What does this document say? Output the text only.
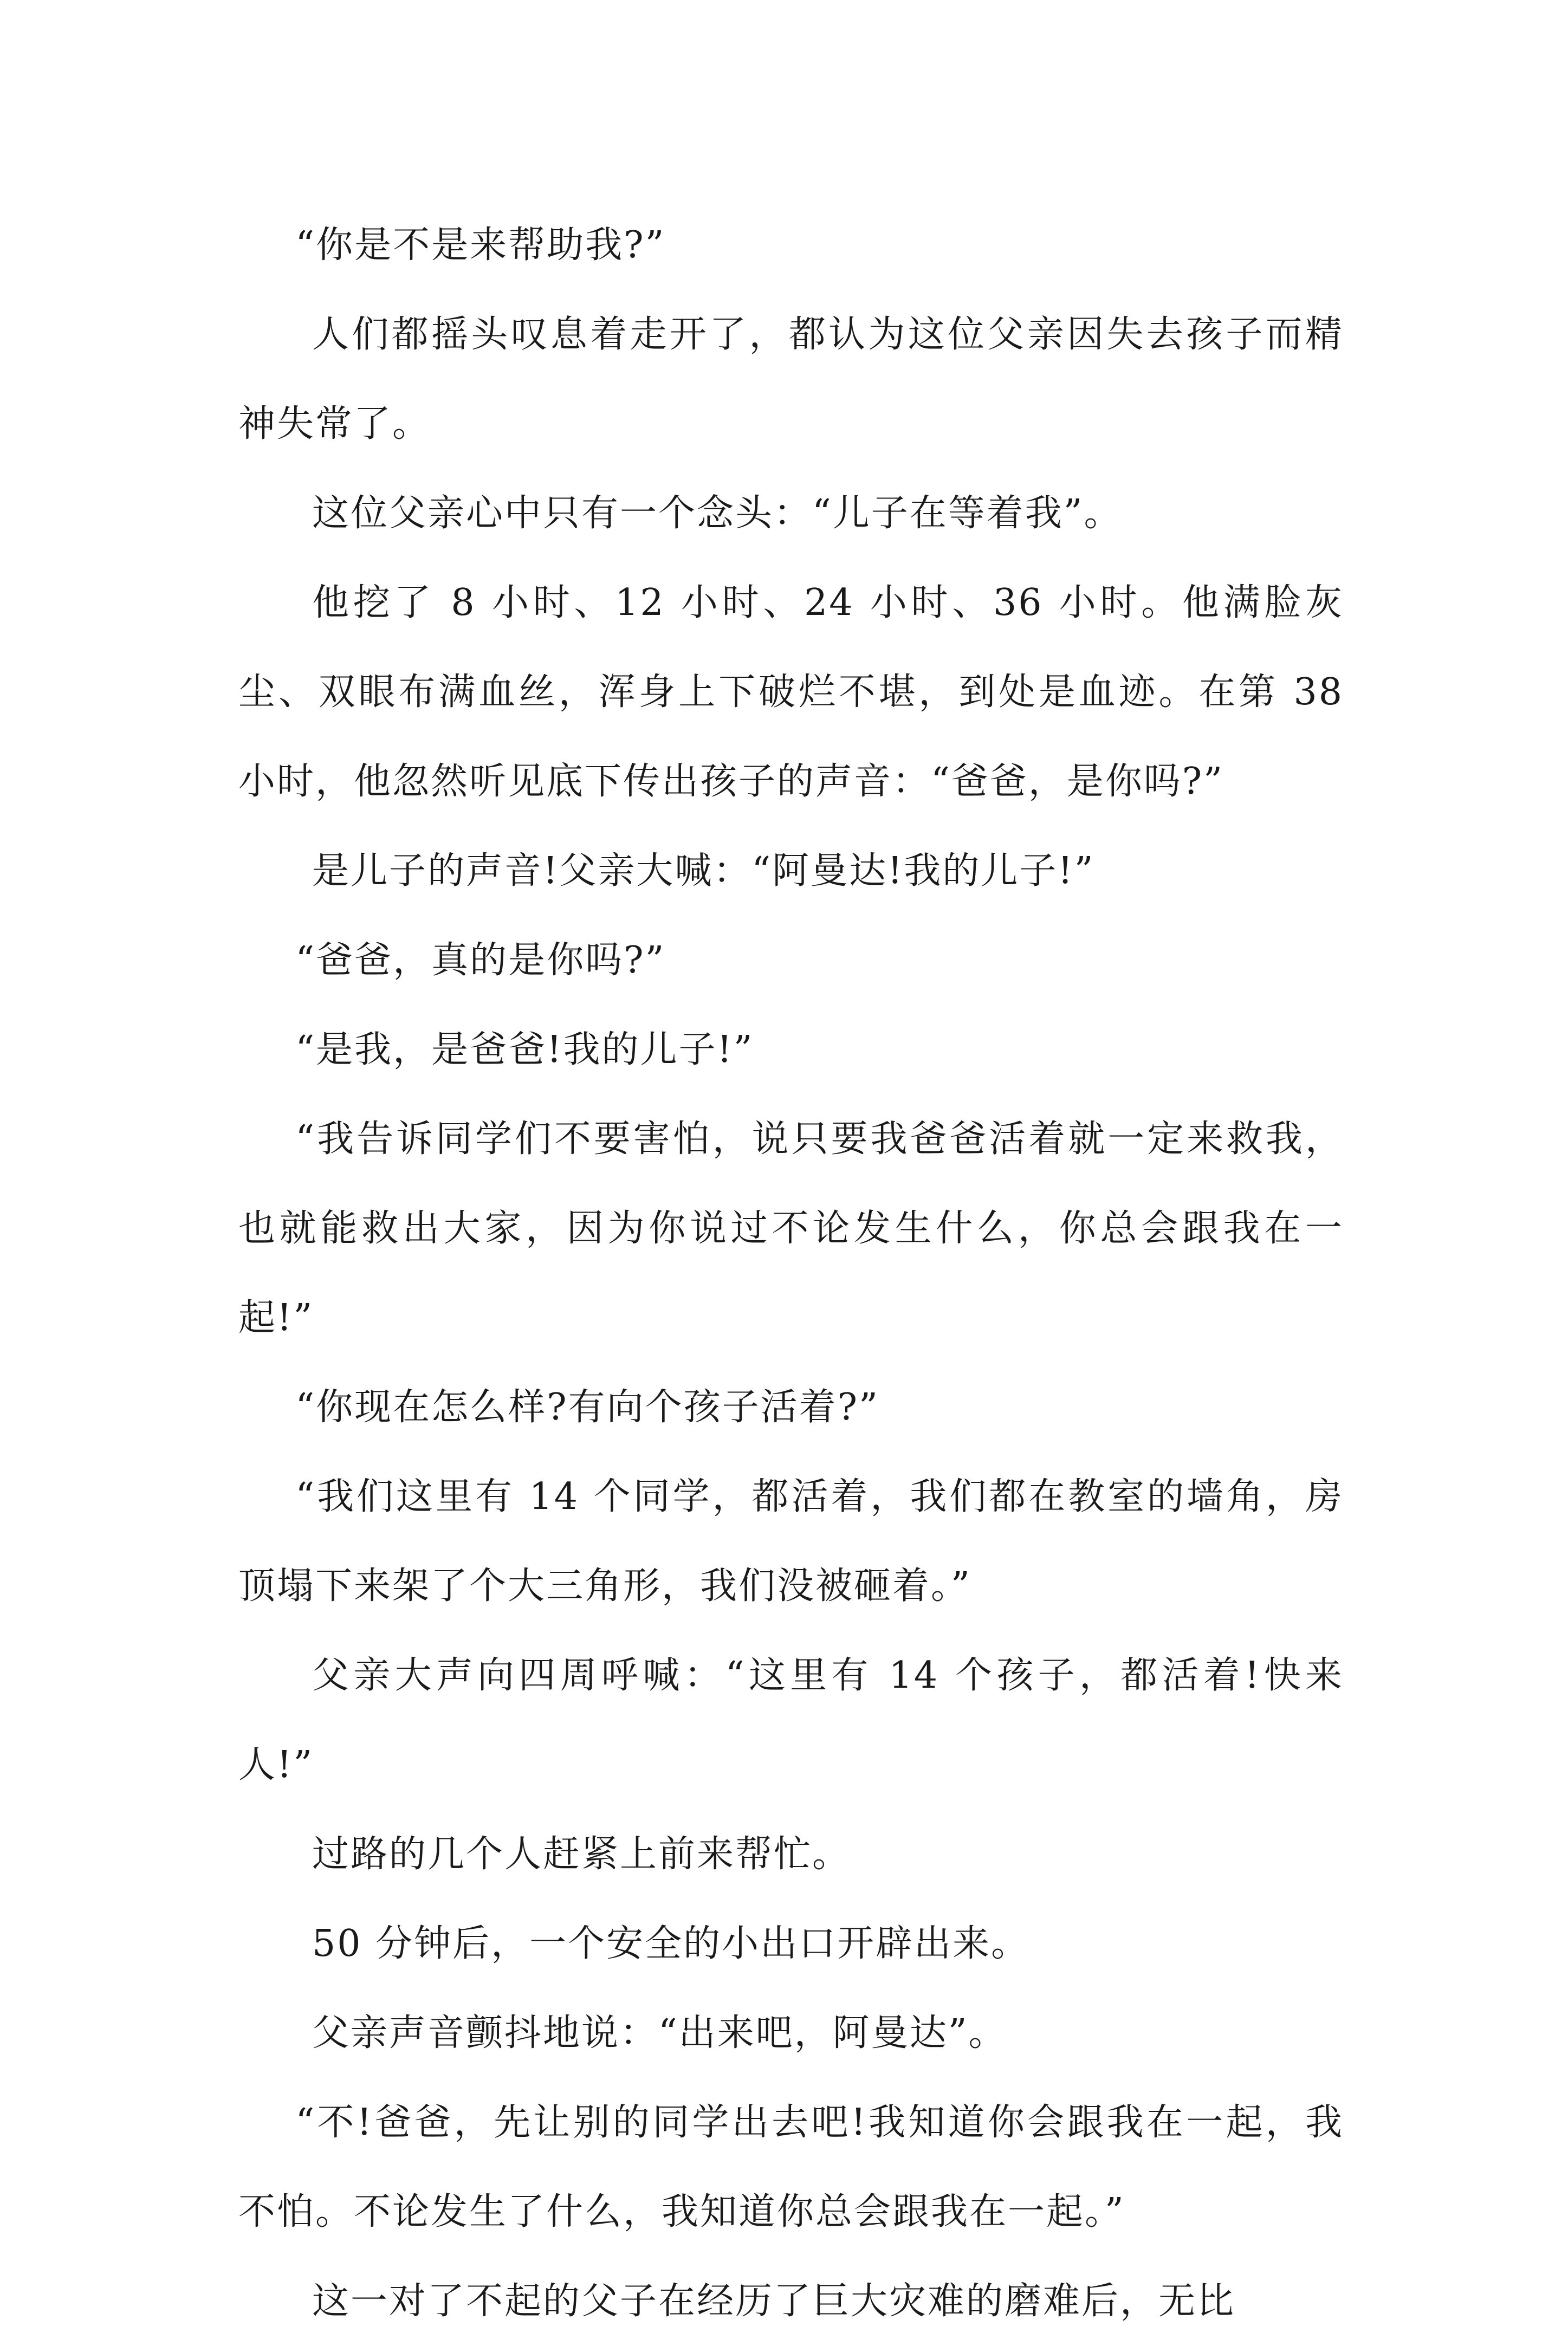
“你是不是来帮助我?”

人们都摇头叹息着走开了，都认为这位父亲因失去孩子而精神失常了。

这位父亲心中只有一个念头：“儿子在等着我”。

他挖了 8 小时、12 小时、24 小时、36 小时。他满脸灰尘、双眼布满血丝，浑身上下破烂不堪，到处是血迹。在第 38 小时，他忽然听见底下传出孩子的声音：“爸爸，是你吗?”

是儿子的声音!父亲大喊：“阿曼达!我的儿子!”

“爸爸，真的是你吗?”

“是我，是爸爸!我的儿子!”

“我告诉同学们不要害怕，说只要我爸爸活着就一定来救我，也就能救出大家，因为你说过不论发生什么，你总会跟我在一起!”

“你现在怎么样?有向个孩子活着?”

“我们这里有 14 个同学，都活着，我们都在教室的墙角，房顶塌下来架了个大三角形，我们没被砸着。”

父亲大声向四周呼喊：“这里有 14 个孩子，都活着!快来人!”

过路的几个人赶紧上前来帮忙。

50 分钟后，一个安全的小出口开辟出来。

父亲声音颤抖地说：“出来吧，阿曼达”。

“不!爸爸，先让别的同学出去吧!我知道你会跟我在一起，我不怕。不论发生了什么，我知道你总会跟我在一起。”

这一对了不起的父子在经历了巨大灾难的磨难后，无比
